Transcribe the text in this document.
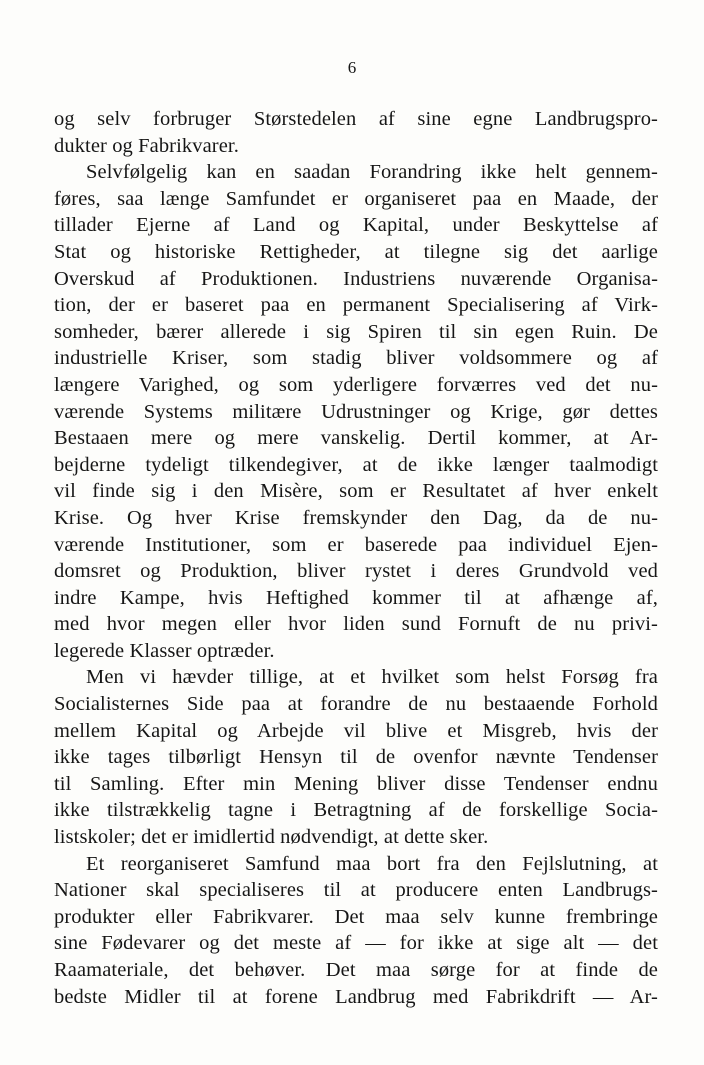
6
og selv forbruger Størstedelen af sine egne Landbrugspro-
dukter og Fabrikvarer.
Selvfølgelig kan en saadan Forandring ikke helt gennem-
føres, saa længe Samfundet er organiseret paa en Maade, der
tillader Ejerne af Land og Kapital, under Beskyttelse af
Stat og historiske Rettigheder, at tilegne sig det aarlige
Overskud af Produktionen. Industriens nuværende Organisa-
tion, der er baseret paa en permanent Specialisering af Virk-
somheder, bærer allerede i sig Spiren til sin egen Ruin. De
industrielle Kriser, som stadig bliver voldsommere og af
længere Varighed, og som yderligere forværres ved det nu-
værende Systems militære Udrustninger og Krige, gør dettes
Bestaaen mere og mere vanskelig. Dertil kommer, at Ar-
bejderne tydeligt tilkendegiver, at de ikke længer taalmodigt
vil finde sig i den Misère, som er Resultatet af hver enkelt
Krise. Og hver Krise fremskynder den Dag, da de nu-
værende Institutioner, som er baserede paa individuel Ejen-
domsret og Produktion, bliver rystet i deres Grundvold ved
indre Kampe, hvis Heftighed kommer til at afhænge af,
med hvor megen eller hvor liden sund Fornuft de nu privi-
legerede Klasser optræder.
Men vi hævder tillige, at et hvilket som helst Forsøg fra
Socialisternes Side paa at forandre de nu bestaaende Forhold
mellem Kapital og Arbejde vil blive et Misgreb, hvis der
ikke tages tilbørligt Hensyn til de ovenfor nævnte Tendenser
til Samling. Efter min Mening bliver disse Tendenser endnu
ikke tilstrækkelig tagne i Betragtning af de forskellige Socia-
listskoler; det er imidlertid nødvendigt, at dette sker.
Et reorganiseret Samfund maa bort fra den Fejlslutning, at
Nationer skal specialiseres til at producere enten Landbrugs-
produkter eller Fabrikvarer. Det maa selv kunne frembringe
sine Fødevarer og det meste af — for ikke at sige alt — det
Raamateriale, det behøver. Det maa sørge for at finde de
bedste Midler til at forene Landbrug med Fabrikdrift — Ar-
